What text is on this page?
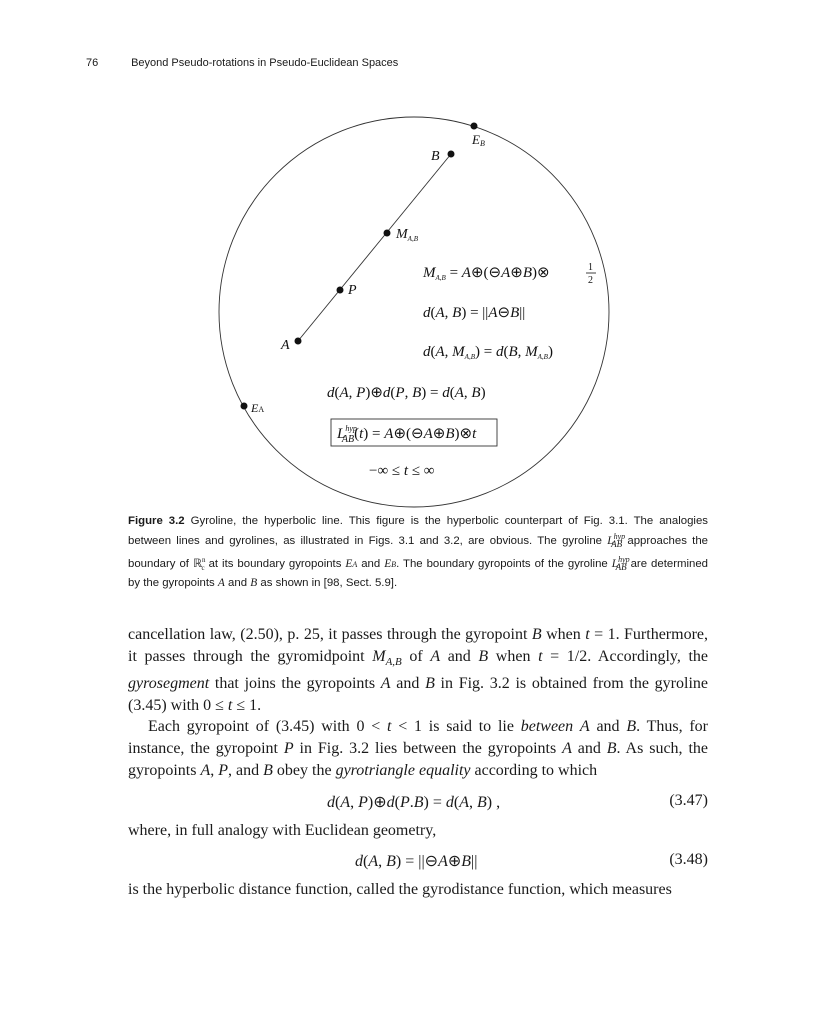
76	Beyond Pseudo-rotations in Pseudo-Euclidean Spaces
EB
B
$M_{A,B}$
P
A
EA
$M_{A,B}$ = A⊕(⊖A⊕B)⊗	1
2
d(A, B) = ||A⊖B||
d(A, $M_{A,B}) = d(B$, $M_{A,B}$)
d(A, P)⊕d(P, B) = d(A, B)
$L^{hyp}$ AB(t) = A⊕(⊖A⊕B)⊗t
−∞ ≤ t ≤ ∞
Figure 3.2 Gyroline, the hyperbolic line. This figure is the hyperbolic counterpart of Fig. 3.1. The analogies between lines and gyrolines, as illustrated in Figs. 3.1 and 3.2, are obvious. The gyroline $L^{hyp}_{AB}$ approaches the boundary of ℝ$^n_c$ at its boundary gyropoints EA and EB. The boundary gyropoints of the gyroline $L^{hyp}_{AB}$ are determined by the gyropoints A and B as shown in [98, Sect. 5.9].
cancellation law, (2.50), p. 25, it passes through the gyropoint B when t = 1. Furthermore, it passes through the gyromidpoint $M_{A,B}$ of A and B when t = 1/2. Accordingly, the gyrosegment that joins the gyropoints A and B in Fig. 3.2 is obtained from the gyroline (3.45) with 0 ≤ t ≤ 1.
Each gyropoint of (3.45) with 0 < t < 1 is said to lie between A and B. Thus, for instance, the gyropoint P in Fig. 3.2 lies between the gyropoints A and B. As such, the gyropoints A, P, and B obey the gyrotriangle equality according to which
d(A, P)⊕d(P.B) = d(A, B) ,	(3.47)
where, in full analogy with Euclidean geometry,
d(A, B) = ||⊖A⊕B||	(3.48)
is the hyperbolic distance function, called the gyrodistance function, which measures
